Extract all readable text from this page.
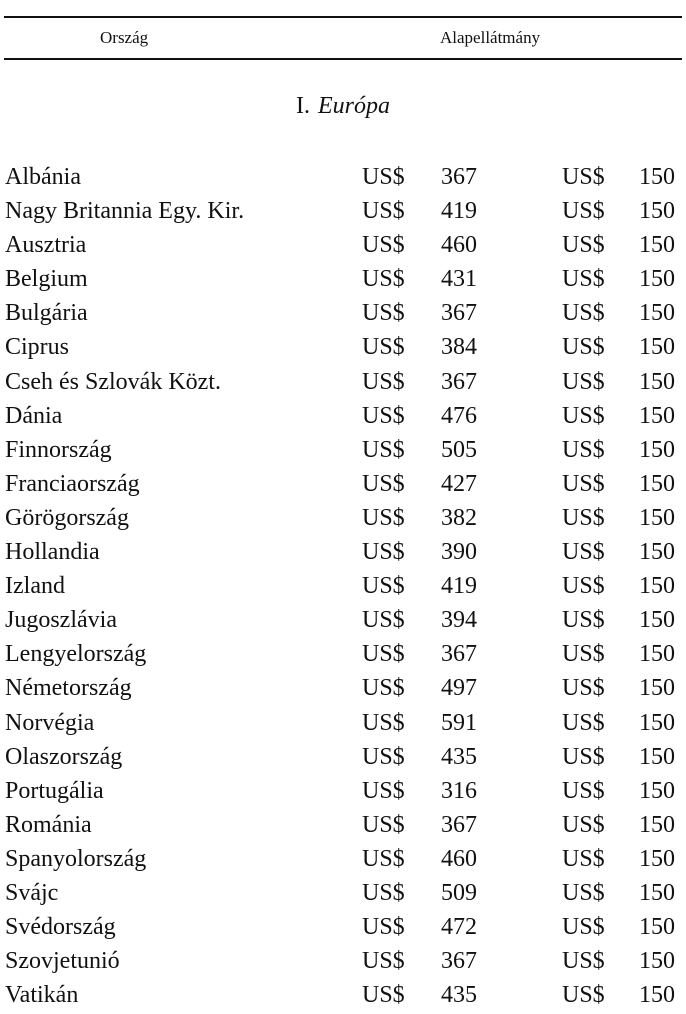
Ország	Alapellátmány
I. Európa
Albánia	US$ 367	US$ 150
Nagy Britannia Egy. Kir.	US$ 419	US$ 150
Ausztria	US$ 460	US$ 150
Belgium	US$ 431	US$ 150
Bulgária	US$ 367	US$ 150
Ciprus	US$ 384	US$ 150
Cseh és Szlovák Közt.	US$ 367	US$ 150
Dánia	US$ 476	US$ 150
Finnország	US$ 505	US$ 150
Franciaország	US$ 427	US$ 150
Görögország	US$ 382	US$ 150
Hollandia	US$ 390	US$ 150
Izland	US$ 419	US$ 150
Jugoszlávia	US$ 394	US$ 150
Lengyelország	US$ 367	US$ 150
Németország	US$ 497	US$ 150
Norvégia	US$ 591	US$ 150
Olaszország	US$ 435	US$ 150
Portugália	US$ 316	US$ 150
Románia	US$ 367	US$ 150
Spanyolország	US$ 460	US$ 150
Svájc	US$ 509	US$ 150
Svédország	US$ 472	US$ 150
Szovjetunió	US$ 367	US$ 150
Vatikán	US$ 435	US$ 150
